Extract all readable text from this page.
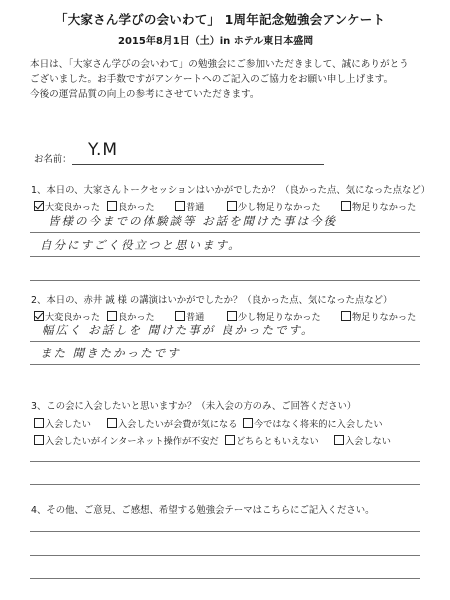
「大家さん学びの会いわて」 1周年記念勉強会アンケート
2015年8月1日（土）in ホテル東日本盛岡
本日は、「大家さん学びの会いわて」の勉強会にご参加いただきまして、誠にありがとう
ございました。お手数ですがアンケートへのご記入のご協力をお願い申し上げます。
今後の運営品質の向上の参考にさせていただきます。
お名前： Y.M
1、本日の、大家さんトークセッションはいかがでしたか？（良かった点、気になった点など）
大変良かった	良かった	普通	少し物足りなかった	物足りなかった
皆様の今までの体験談等 お話を聞けた事は今後
自分にすごく役立つと思います。
2、本日の、赤井 誠 様 の講演はいかがでしたか？（良かった点、気になった点など）
大変良かった	良かった	普通	少し物足りなかった	物足りなかった
幅広く お話しを 聞けた事が 良かったです。
また 聞きたかったです
3、この会に入会したいと思いますか？（未入会の方のみ、ご回答ください）
入会したい	入会したいが会費が気になる	今ではなく将来的に入会したい
入会したいがインターネット操作が不安だ	どちらともいえない	入会しない
4、その他、ご意見、ご感想、希望する勉強会テーマはこちらにご記入ください。
